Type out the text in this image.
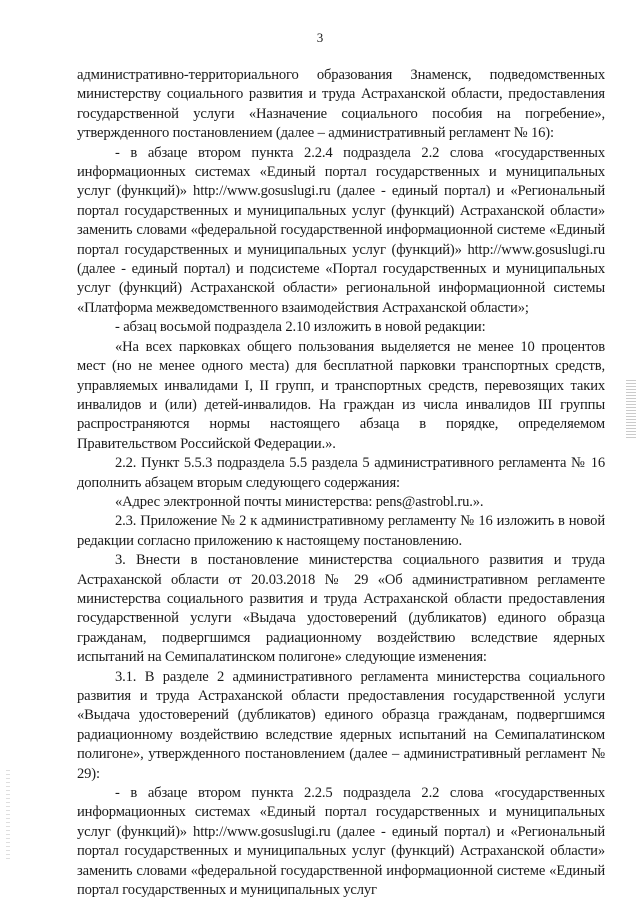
3

административно-территориального образования Знаменск, подведомственных министерству социального развития и труда Астраханской области, предоставления государственной услуги «Назначение социального пособия на погребение», утвержденного постановлением (далее – административный регламент № 16):

- в абзаце втором пункта 2.2.4 подраздела 2.2 слова «государственных информационных системах «Единый портал государственных и муниципальных услуг (функций)» http://www.gosuslugi.ru (далее - единый портал) и «Региональный портал государственных и муниципальных услуг (функций) Астраханской области» заменить словами «федеральной государственной информационной системе «Единый портал государственных и муниципальных услуг (функций)» http://www.gosuslugi.ru (далее - единый портал) и подсистеме «Портал государственных и муниципальных услуг (функций) Астраханской области» региональной информационной системы «Платформа межведомственного взаимодействия Астраханской области»;

- абзац восьмой подраздела 2.10 изложить в новой редакции:

«На всех парковках общего пользования выделяется не менее 10 процентов мест (но не менее одного места) для бесплатной парковки транспортных средств, управляемых инвалидами I, II групп, и транспортных средств, перевозящих таких инвалидов и (или) детей-инвалидов. На граждан из числа инвалидов III группы распространяются нормы настоящего абзаца в порядке, определяемом Правительством Российской Федерации.».

2.2. Пункт 5.5.3 подраздела 5.5 раздела 5 административного регламента № 16 дополнить абзацем вторым следующего содержания:

«Адрес электронной почты министерства: pens@astrobl.ru.».

2.3. Приложение № 2 к административному регламенту № 16 изложить в новой редакции согласно приложению к настоящему постановлению.

3. Внести в постановление министерства социального развития и труда Астраханской области от 20.03.2018 № 29 «Об административном регламенте министерства социального развития и труда Астраханской области предоставления государственной услуги «Выдача удостоверений (дубликатов) единого образца гражданам, подвергшимся радиационному воздействию вследствие ядерных испытаний на Семипалатинском полигоне» следующие изменения:

3.1. В разделе 2 административного регламента министерства социального развития и труда Астраханской области предоставления государственной услуги «Выдача удостоверений (дубликатов) единого образца гражданам, подвергшимся радиационному воздействию вследствие ядерных испытаний на Семипалатинском полигоне», утвержденного постановлением (далее – административный регламент № 29):

- в абзаце втором пункта 2.2.5 подраздела 2.2 слова «государственных информационных системах «Единый портал государственных и муниципальных услуг (функций)» http://www.gosuslugi.ru (далее - единый портал) и «Региональный портал государственных и муниципальных услуг (функций) Астраханской области» заменить словами «федеральной государственной информационной системе «Единый портал государственных и муниципальных услуг
